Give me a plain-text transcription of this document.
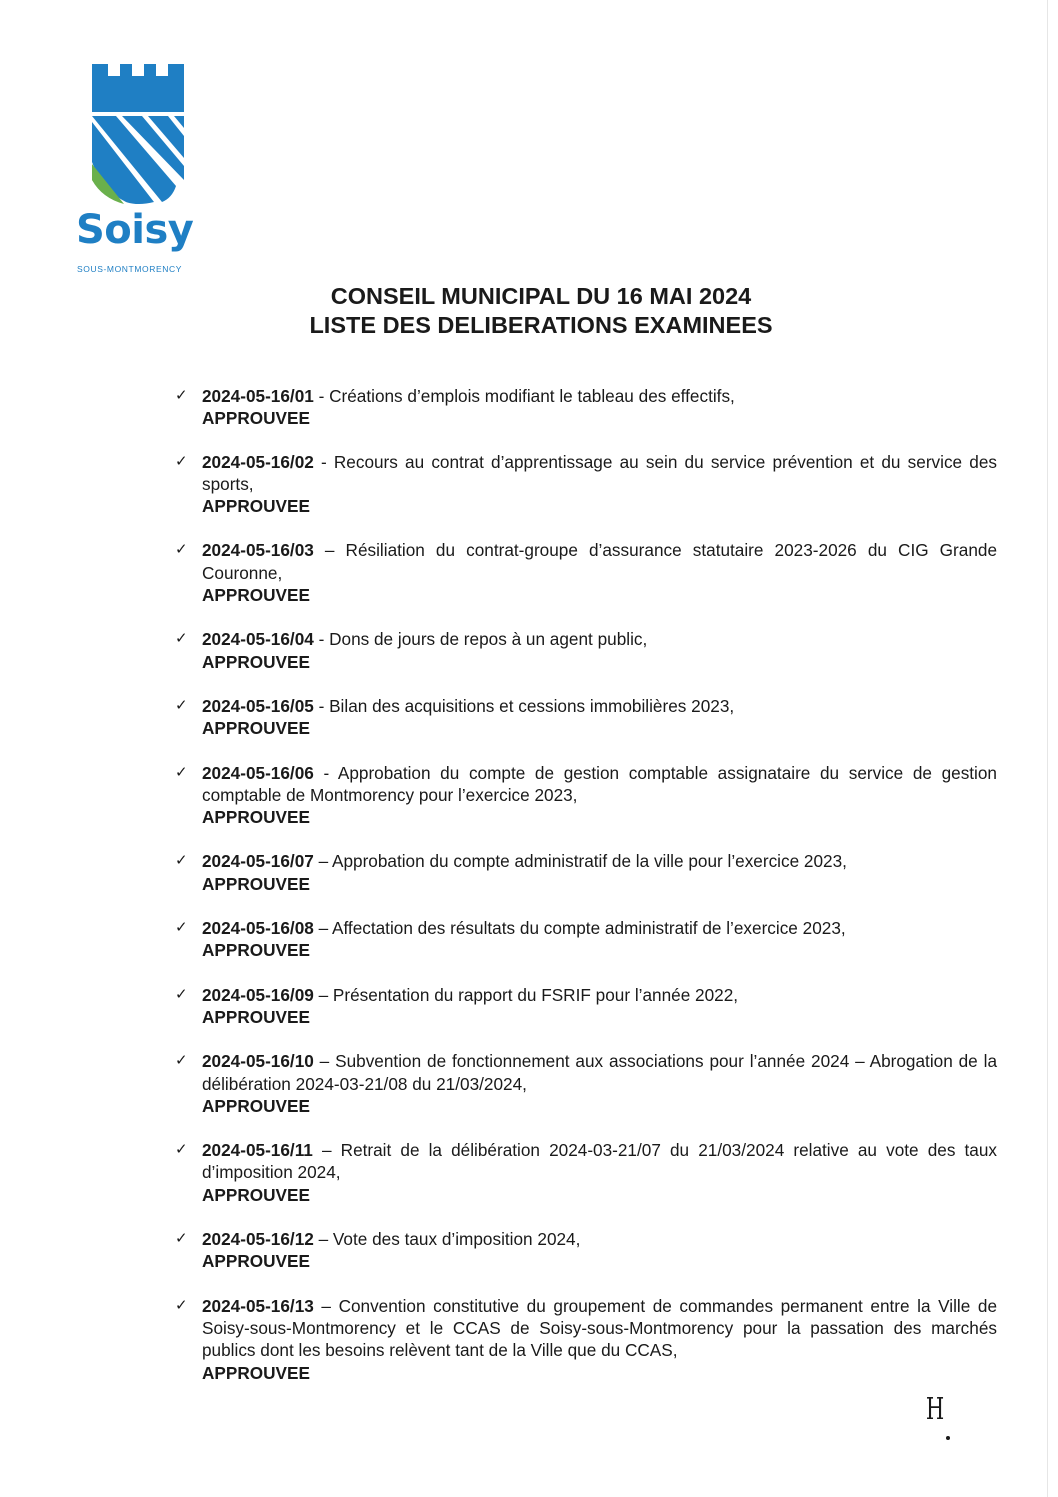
Soisy
SOUS-MONTMORENCY
CONSEIL MUNICIPAL DU 16 MAI 2024
LISTE DES DELIBERATIONS EXAMINEES
✓ 2024-05-16/01 - Créations d’emplois modifiant le tableau des effectifs,
APPROUVEE
✓ 2024-05-16/02 - Recours au contrat d’apprentissage au sein du service prévention et du service des sports,
APPROUVEE
✓ 2024-05-16/03 – Résiliation du contrat-groupe d’assurance statutaire 2023-2026 du CIG Grande Couronne,
APPROUVEE
✓ 2024-05-16/04 - Dons de jours de repos à un agent public,
APPROUVEE
✓ 2024-05-16/05 - Bilan des acquisitions et cessions immobilières 2023,
APPROUVEE
✓ 2024-05-16/06 - Approbation du compte de gestion comptable assignataire du service de gestion comptable de Montmorency pour l’exercice 2023,
APPROUVEE
✓ 2024-05-16/07 – Approbation du compte administratif de la ville pour l’exercice 2023,
APPROUVEE
✓ 2024-05-16/08 – Affectation des résultats du compte administratif de l’exercice 2023,
APPROUVEE
✓ 2024-05-16/09 – Présentation du rapport du FSRIF pour l’année 2022,
APPROUVEE
✓ 2024-05-16/10 – Subvention de fonctionnement aux associations pour l’année 2024 – Abrogation de la délibération 2024-03-21/08 du 21/03/2024,
APPROUVEE
✓ 2024-05-16/11 – Retrait de la délibération 2024-03-21/07 du 21/03/2024 relative au vote des taux d’imposition 2024,
APPROUVEE
✓ 2024-05-16/12 – Vote des taux d’imposition 2024,
APPROUVEE
✓ 2024-05-16/13 – Convention constitutive du groupement de commandes permanent entre la Ville de Soisy-sous-Montmorency et le CCAS de Soisy-sous-Montmorency pour la passation des marchés publics dont les besoins relèvent tant de la Ville que du CCAS,
APPROUVEE
H
